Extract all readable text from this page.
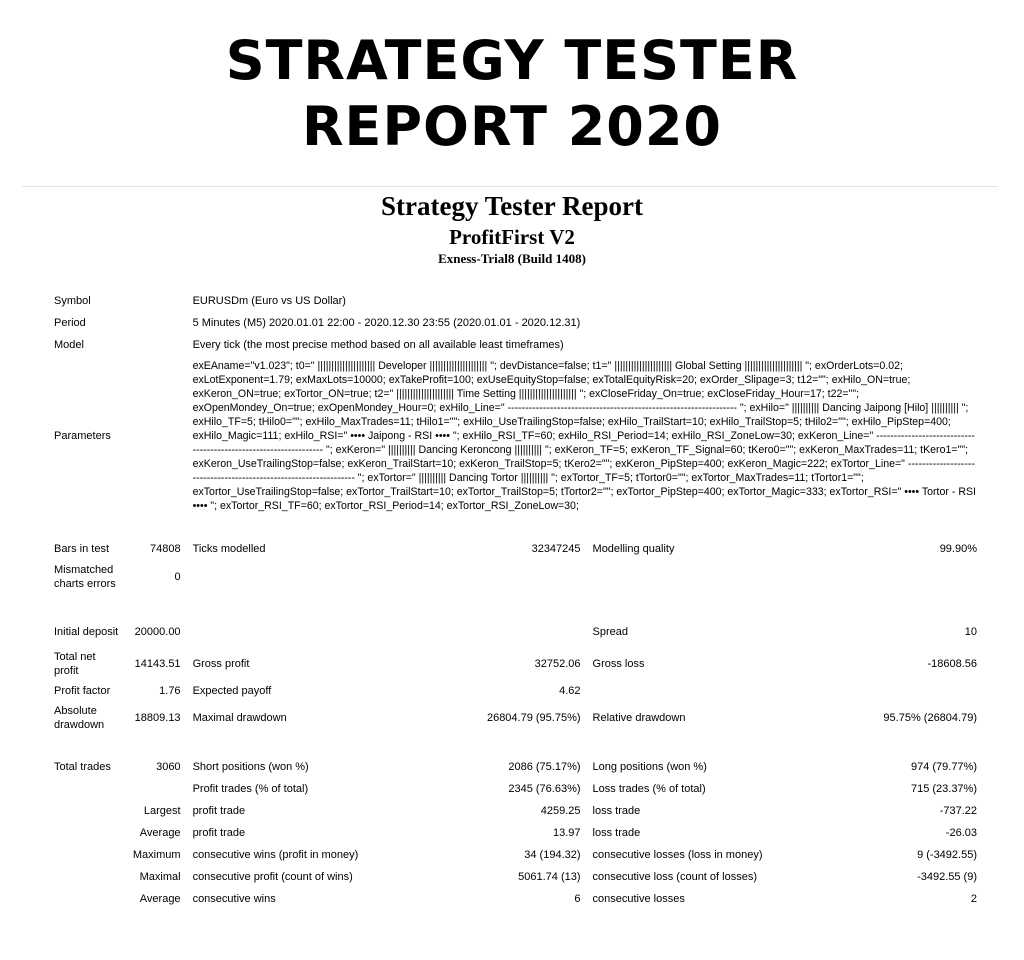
STRATEGY TESTER
REPORT 2020
Strategy Tester Report
ProfitFirst V2
Exness-Trial8 (Build 1408)
Symbol		EURUSDm (Euro vs US Dollar)			
Period		5 Minutes (M5) 2020.01.01 22:00 - 2020.12.30 23:55 (2020.01.01 - 2020.12.31)			
Model		Every tick (the most precise method based on all available least timeframes)			
Parameters		exEAname="v1.023"; t0=" ||||||||||||||||||||| Developer ||||||||||||||||||||| "; devDistance=false; t1=" ||||||||||||||||||||| Global Setting ||||||||||||||||||||| "; exOrderLots=0.02; exLotExponent=1.79; exMaxLots=10000; exTakeProfit=100; exUseEquityStop=false; exTotalEquityRisk=20; exOrder_Slipage=3; t12=""; exHilo_ON=true; exKeron_ON=true; exTortor_ON=true; t2=" ||||||||||||||||||||| Time Setting ||||||||||||||||||||| "; exCloseFriday_On=true; exCloseFriday_Hour=17; t22=""; exOpenMondey_On=true; exOpenMondey_Hour=0; exHilo_Line=" ----------------------------------------------------------------- "; exHilo=" |||||||||| Dancing Jaipong [Hilo] |||||||||| "; exHilo_TF=5; tHilo0=""; exHilo_MaxTrades=11; tHilo1=""; exHilo_UseTrailingStop=false; exHilo_TrailStart=10; exHilo_TrailStop=5; tHilo2=""; exHilo_PipStep=400; exHilo_Magic=111; exHilo_RSI=" •••• Jaipong - RSI •••• "; exHilo_RSI_TF=60; exHilo_RSI_Period=14; exHilo_RSI_ZoneLow=30; exKeron_Line=" ----------------------------------------------------------------- "; exKeron=" |||||||||| Dancing Keroncong |||||||||| "; exKeron_TF=5; exKeron_TF_Signal=60; tKero0=""; exKeron_MaxTrades=11; tKero1=""; exKeron_UseTrailingStop=false; exKeron_TrailStart=10; exKeron_TrailStop=5; tKero2=""; exKeron_PipStep=400; exKeron_Magic=222; exTortor_Line=" ----------------------------------------------------------------- "; exTortor=" |||||||||| Dancing Tortor |||||||||| "; exTortor_TF=5; tTortor0=""; exTortor_MaxTrades=11; tTortor1=""; exTortor_UseTrailingStop=false; exTortor_TrailStart=10; exTortor_TrailStop=5; tTortor2=""; exTortor_PipStep=400; exTortor_Magic=333; exTortor_RSI=" •••• Tortor - RSI •••• "; exTortor_RSI_TF=60; exTortor_RSI_Period=14; exTortor_RSI_ZoneLow=30;			

Bars in test	74808	Ticks modelled	32347245	Modelling quality	99.90%
Mismatched charts errors	0				

Initial deposit	20000.00			Spread	10
Total net profit	14143.51	Gross profit	32752.06	Gross loss	-18608.56
Profit factor	1.76	Expected payoff	4.62		
Absolute drawdown	18809.13	Maximal drawdown	26804.79 (95.75%)	Relative drawdown	95.75% (26804.79)

Total trades	3060	Short positions (won %)	2086 (75.17%)	Long positions (won %)	974 (79.77%)
		Profit trades (% of total)	2345 (76.63%)	Loss trades (% of total)	715 (23.37%)
Largest		profit trade	4259.25	loss trade	-737.22
Average		profit trade	13.97	loss trade	-26.03
Maximum		consecutive wins (profit in money)	34 (194.32)	consecutive losses (loss in money)	9 (-3492.55)
Maximal		consecutive profit (count of wins)	5061.74 (13)	consecutive loss (count of losses)	-3492.55 (9)
Average		consecutive wins	6	consecutive losses	2
